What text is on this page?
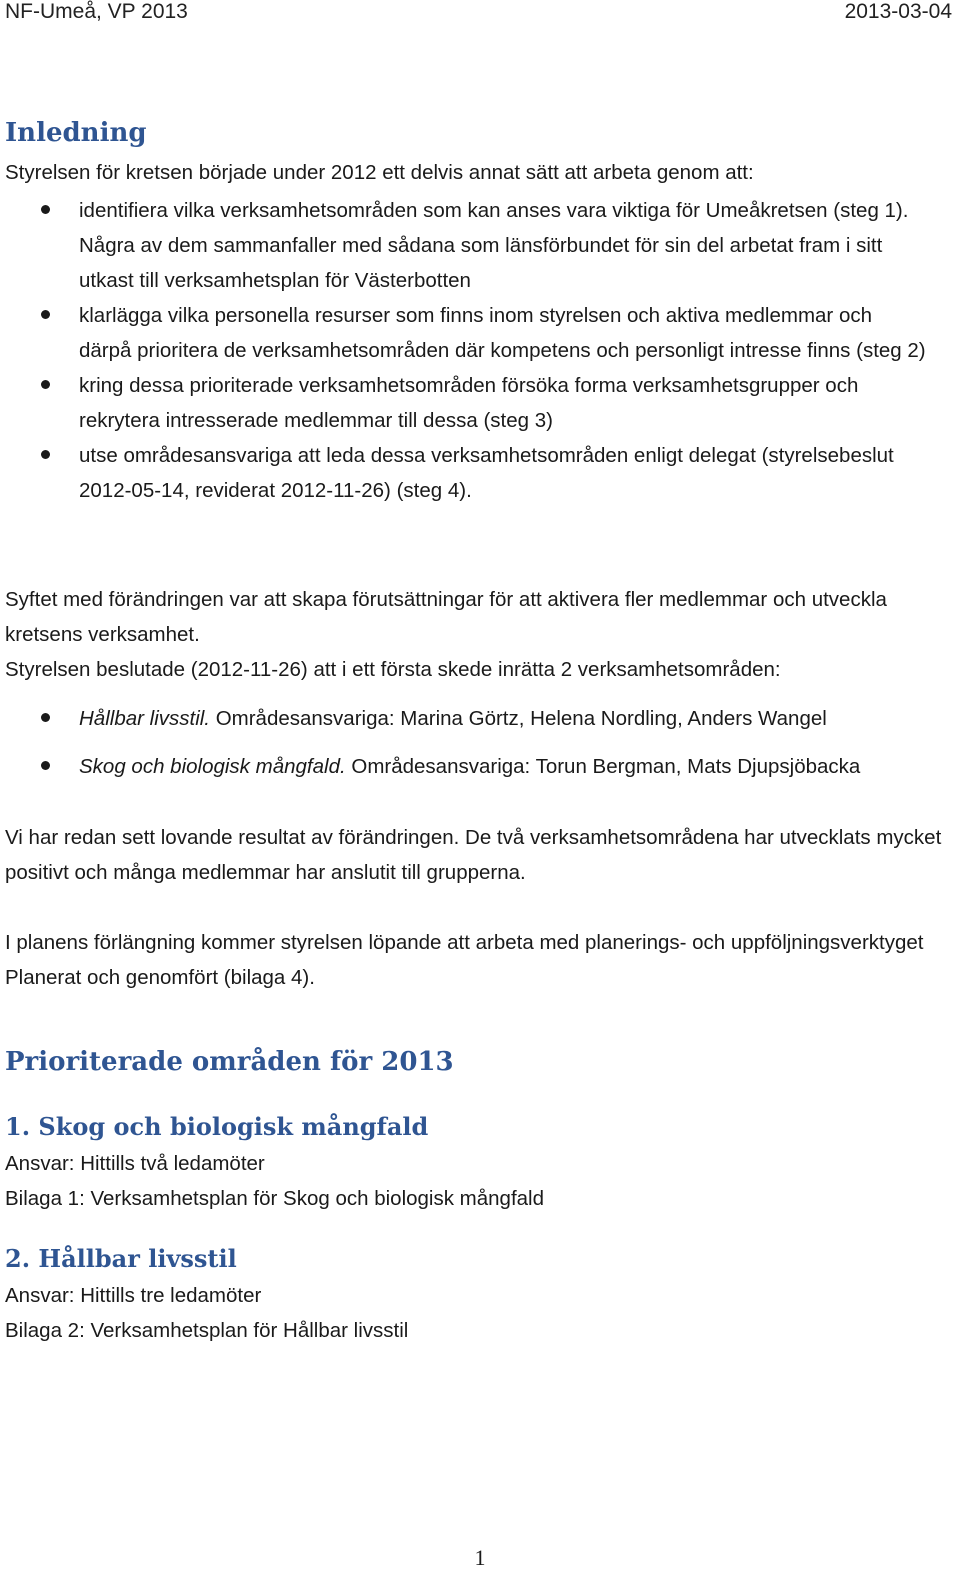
NF-Umeå, VP 2013	2013-03-04
Inledning

Styrelsen för kretsen började under 2012 ett delvis annat sätt att arbeta genom att:

identifiera vilka verksamhetsområden som kan anses vara viktiga för Umeåkretsen (steg 1). Några av dem sammanfaller med sådana som länsförbundet för sin del arbetat fram i sitt utkast till verksamhetsplan för Västerbotten
klarlägga vilka personella resurser som finns inom styrelsen och aktiva medlemmar och därpå prioritera de verksamhetsområden där kompetens och personligt intresse finns (steg 2)
kring dessa prioriterade verksamhetsområden försöka forma verksamhetsgrupper och rekrytera intresserade medlemmar till dessa (steg 3)
utse områdesansvariga att leda dessa verksamhetsområden enligt delegat (styrelsebeslut 2012-05-14, reviderat 2012-11-26) (steg 4).

Syftet med förändringen var att skapa förutsättningar för att aktivera fler medlemmar och utveckla kretsens verksamhet.

Styrelsen beslutade (2012-11-26) att i ett första skede inrätta 2 verksamhetsområden:

Hållbar livsstil. Områdesansvariga: Marina Görtz, Helena Nordling, Anders Wangel
Skog och biologisk mångfald. Områdesansvariga: Torun Bergman, Mats Djupsjöbacka

Vi har redan sett lovande resultat av förändringen. De två verksamhetsområdena har utvecklats mycket positivt och många medlemmar har anslutit till grupperna.

I planens förlängning kommer styrelsen löpande att arbeta med planerings- och uppföljningsverktyget Planerat och genomfört (bilaga 4).

Prioriterade områden för 2013
1. Skog och biologisk mångfald

Ansvar: Hittills två ledamöter

Bilaga 1: Verksamhetsplan för Skog och biologisk mångfald

2. Hållbar livsstil

Ansvar: Hittills tre ledamöter

Bilaga 2: Verksamhetsplan för Hållbar livsstil

1
